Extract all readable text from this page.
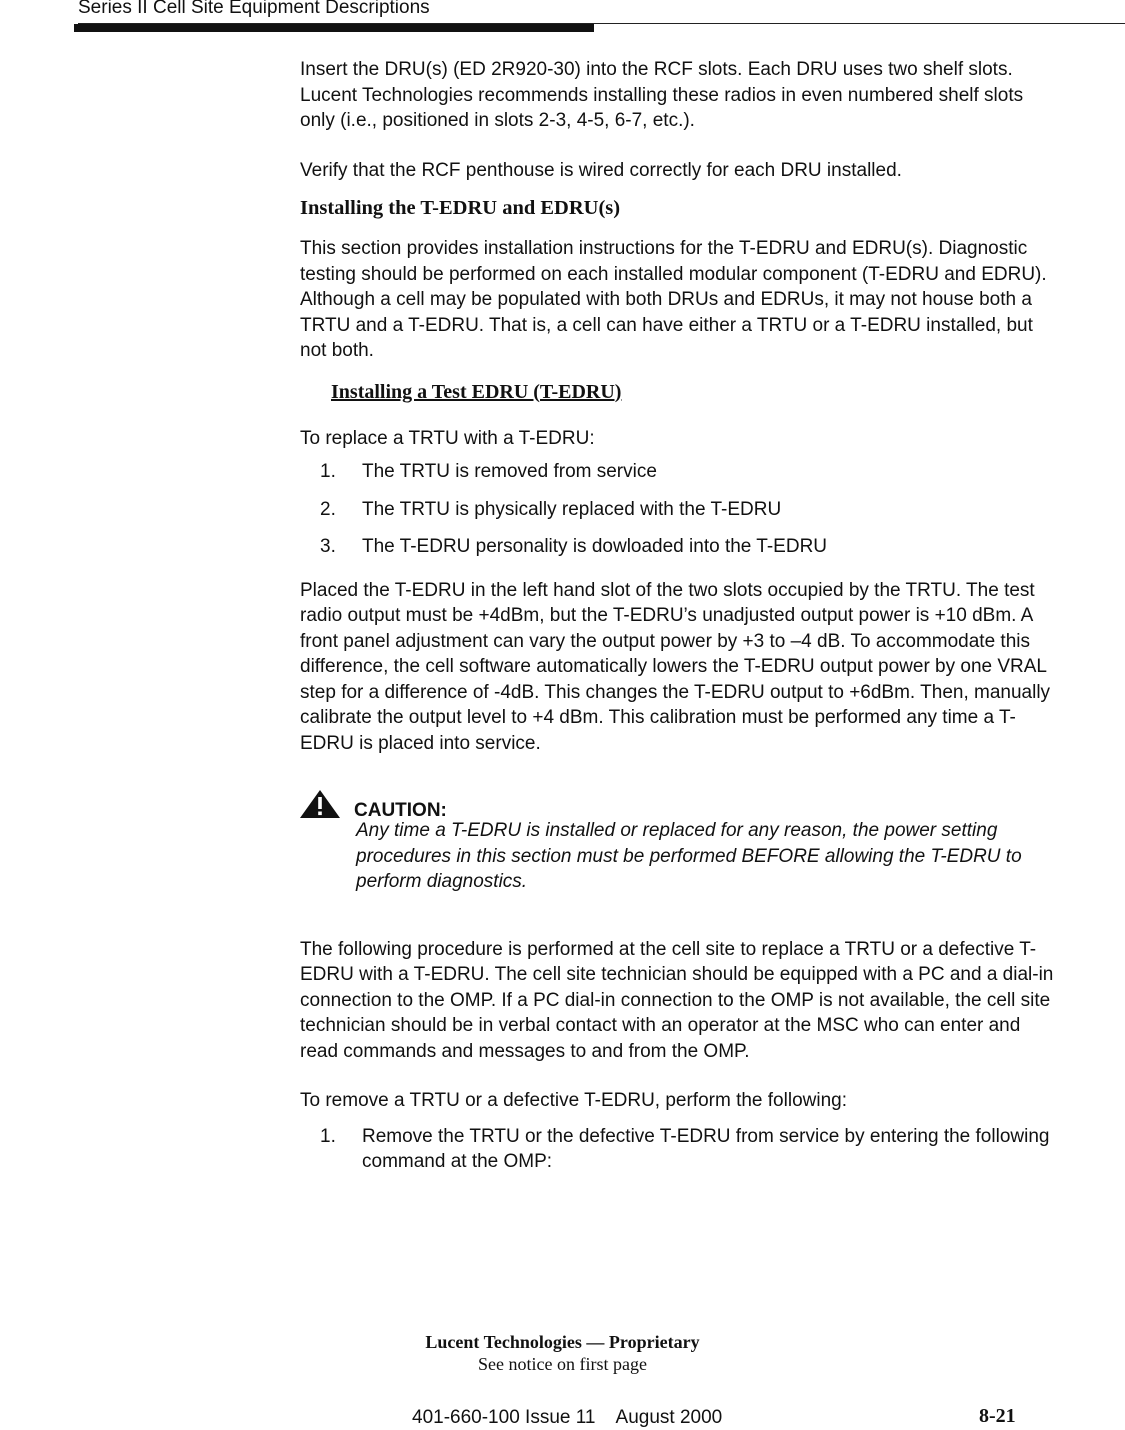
Series II Cell Site Equipment Descriptions

Insert the DRU(s) (ED 2R920-30) into the RCF slots. Each DRU uses two shelf slots. Lucent Technologies recommends installing these radios in even numbered shelf slots only (i.e., positioned in slots 2-3, 4-5, 6-7, etc.).

Verify that the RCF penthouse is wired correctly for each DRU installed.

Installing the T-EDRU and EDRU(s)

This section provides installation instructions for the T-EDRU and EDRU(s). Diagnostic testing should be performed on each installed modular component (T-EDRU and EDRU). Although a cell may be populated with both DRUs and EDRUs, it may not house both a TRTU and a T-EDRU. That is, a cell can have either a TRTU or a T-EDRU installed, but not both.

Installing a Test EDRU (T-EDRU)

To replace a TRTU with a T-EDRU:

1.	The TRTU is removed from service
2.	The TRTU is physically replaced with the T-EDRU
3.	The T-EDRU personality is dowloaded into the T-EDRU

Placed the T-EDRU in the left hand slot of the two slots occupied by the TRTU. The test radio output must be +4dBm, but the T-EDRU’s unadjusted output power is +10 dBm. A front panel adjustment can vary the output power by +3 to –4 dB. To accommodate this difference, the cell software automatically lowers the T-EDRU output power by one VRAL step for a difference of -4dB. This changes the T-EDRU output to +6dBm. Then, manually calibrate the output level to +4 dBm. This calibration must be performed any time a T-EDRU is placed into service.

CAUTION:
Any time a T-EDRU is installed or replaced for any reason, the power setting procedures in this section must be performed BEFORE allowing the T-EDRU to perform diagnostics.

The following procedure is performed at the cell site to replace a TRTU or a defective T-EDRU with a T-EDRU. The cell site technician should be equipped with a PC and a dial-in connection to the OMP. If a PC dial-in connection to the OMP is not available, the cell site technician should be in verbal contact with an operator at the MSC who can enter and read commands and messages to and from the OMP.

To remove a TRTU or a defective T-EDRU, perform the following:

1.	Remove the TRTU or the defective T-EDRU from service by entering the following command at the OMP:
Lucent Technologies — Proprietary
See notice on first page
401-660-100 Issue 11    August 2000	8-21
